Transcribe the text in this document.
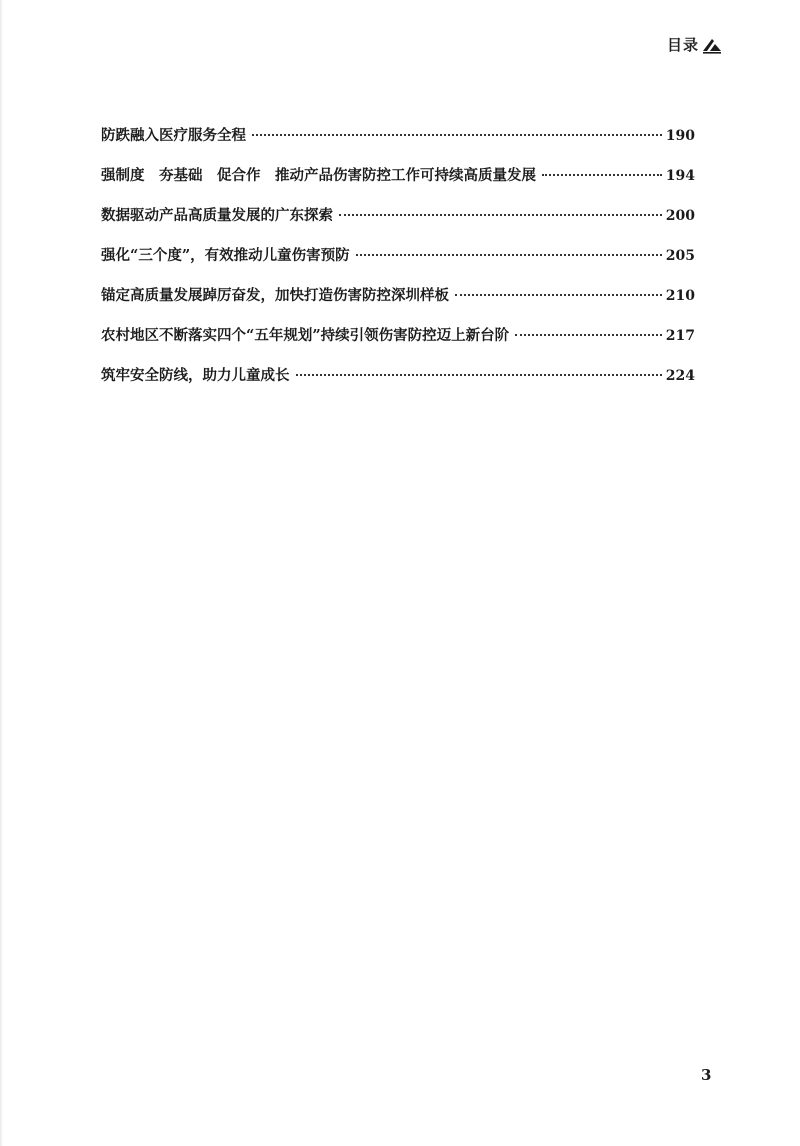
目录
防跌融入医疗服务全程	190
强制度　夯基础　促合作　推动产品伤害防控工作可持续高质量发展	194
数据驱动产品高质量发展的广东探索	200
强化“三个度”，有效推动儿童伤害预防	205
锚定高质量发展踔厉奋发，加快打造伤害防控深圳样板	210
农村地区不断落实四个“五年规划”持续引领伤害防控迈上新台阶	217
筑牢安全防线，助力儿童成长	224
3
